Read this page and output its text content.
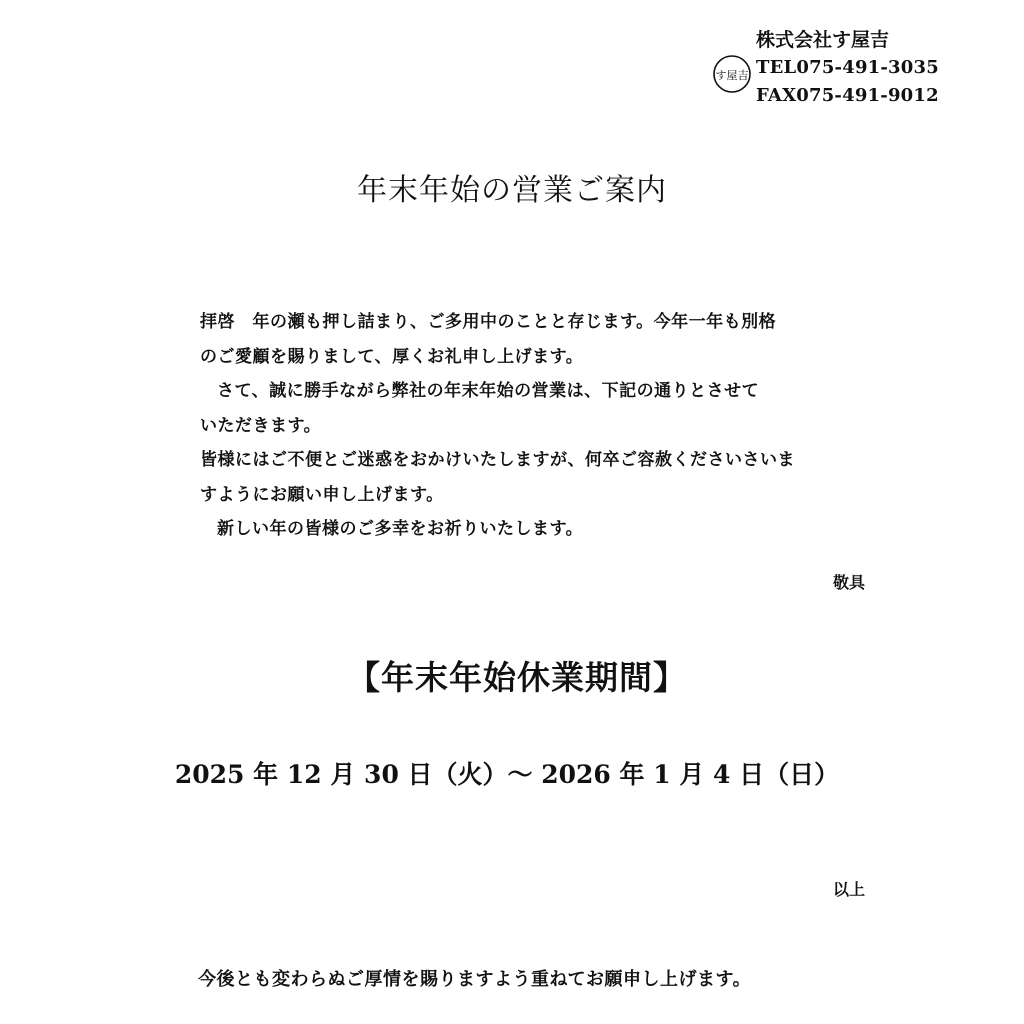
す屋吉
株式会社す屋吉
TEL075-491-3035
FAX075-491-9012
年末年始の営業ご案内
拝啓　年の瀬も押し詰まり、ご多用中のことと存じます。今年一年も別格
のご愛顧を賜りまして、厚くお礼申し上げます。
さて、誠に勝手ながら弊社の年末年始の営業は、下記の通りとさせて
いただきます。
皆様にはご不便とご迷惑をおかけいたしますが、何卒ご容赦くださいさいま
すようにお願い申し上げます。
新しい年の皆様のご多幸をお祈りいたします。
敬具
【年末年始休業期間】
2025 年 12 月 30 日（火）～ 2026 年 1 月 4 日（日）
以上
今後とも変わらぬご厚情を賜りますよう重ねてお願申し上げます。
